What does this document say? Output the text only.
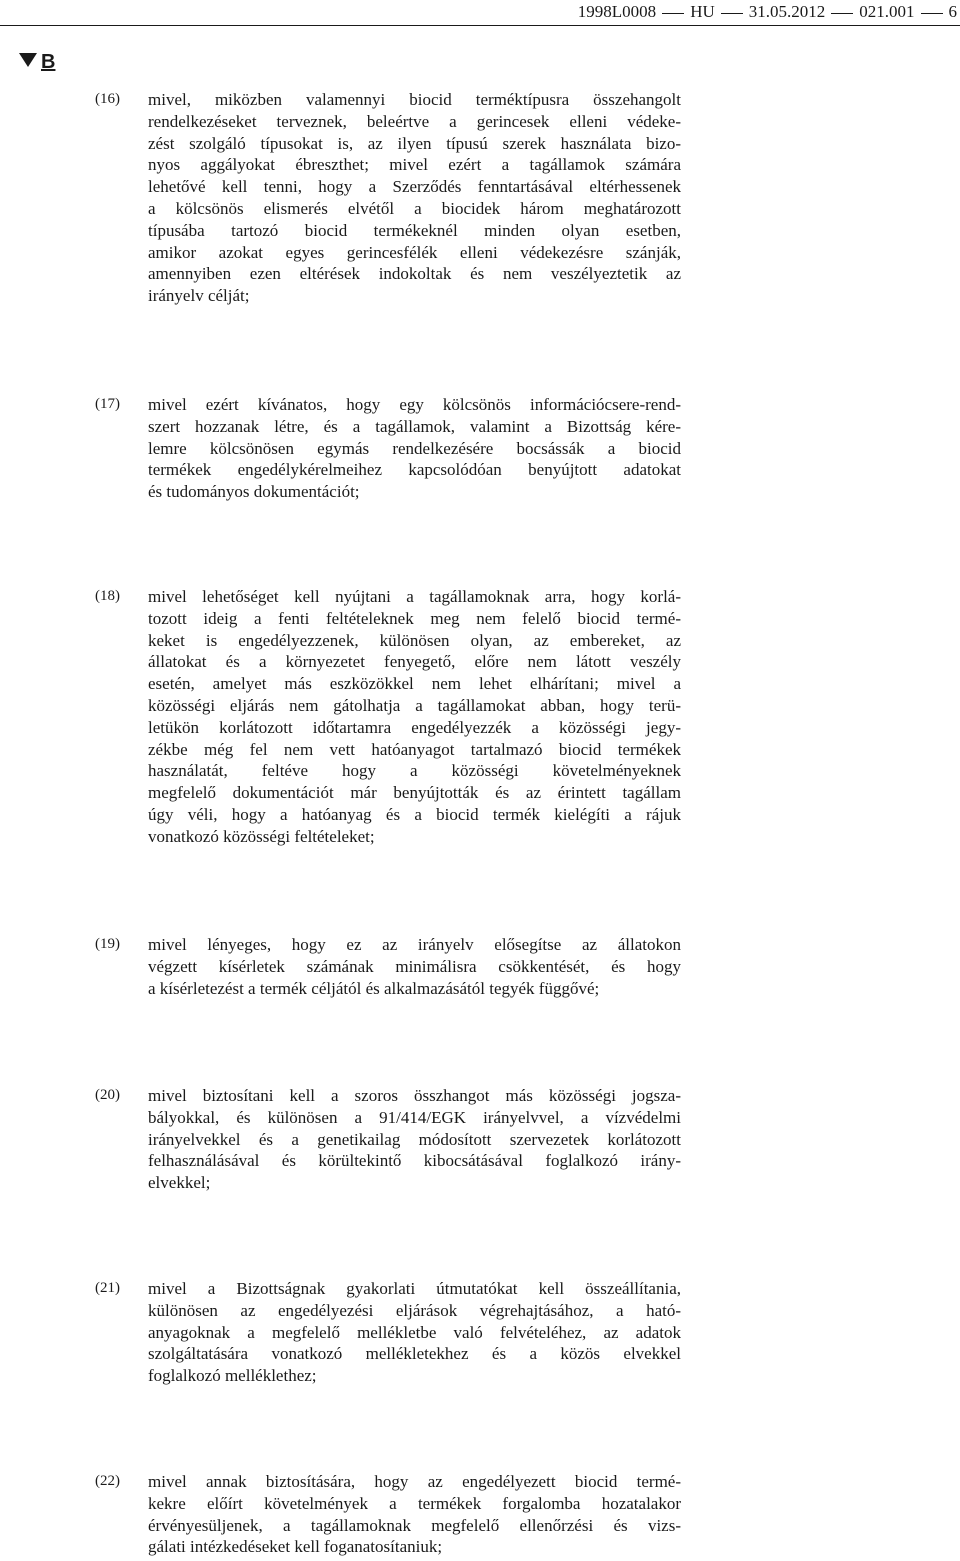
1998L0008 HU 31.05.2012 021.001 6
B
(16) mivel, miközben valamennyi biocid terméktípusra összehangolt

rendelkezéseket terveznek, beleértve a gerincesek elleni védeke-

zést szolgáló típusokat is, az ilyen típusú szerek használata bizo-

nyos aggályokat ébreszthet; mivel ezért a tagállamok számára

lehetővé kell tenni, hogy a Szerződés fenntartásával eltérhessenek

a kölcsönös elismerés elvétől a biocidek három meghatározott

típusába tartozó biocid termékeknél minden olyan esetben,

amikor azokat egyes gerincesfélék elleni védekezésre szánják,

amennyiben ezen eltérések indokoltak és nem veszélyeztetik az

irányelv célját;

(17) mivel ezért kívánatos, hogy egy kölcsönös információcsere-rend-

szert hozzanak létre, és a tagállamok, valamint a Bizottság kére-

lemre kölcsönösen egymás rendelkezésére bocsássák a biocid

termékek engedélykérelmeihez kapcsolódóan benyújtott adatokat

és tudományos dokumentációt;

(18) mivel lehetőséget kell nyújtani a tagállamoknak arra, hogy korlá-

tozott ideig a fenti feltételeknek meg nem felelő biocid termé-

keket is engedélyezzenek, különösen olyan, az embereket, az

állatokat és a környezetet fenyegető, előre nem látott veszély

esetén, amelyet más eszközökkel nem lehet elhárítani; mivel a

közösségi eljárás nem gátolhatja a tagállamokat abban, hogy terü-

letükön korlátozott időtartamra engedélyezzék a közösségi jegy-

zékbe még fel nem vett hatóanyagot tartalmazó biocid termékek

használatát, feltéve hogy a közösségi követelményeknek

megfelelő dokumentációt már benyújtották és az érintett tagállam

úgy véli, hogy a hatóanyag és a biocid termék kielégíti a rájuk

vonatkozó közösségi feltételeket;

(19) mivel lényeges, hogy ez az irányelv elősegítse az állatokon

végzett kísérletek számának minimálisra csökkentését, és hogy

a kísérletezést a termék céljától és alkalmazásától tegyék függővé;

(20) mivel biztosítani kell a szoros összhangot más közösségi jogsza-

bályokkal, és különösen a 91/414/EGK irányelvvel, a vízvédelmi

irányelvekkel és a genetikailag módosított szervezetek korlátozott

felhasználásával és körültekintő kibocsátásával foglalkozó irány-

elvekkel;

(21) mivel a Bizottságnak gyakorlati útmutatókat kell összeállítania,

különösen az engedélyezési eljárások végrehajtásához, a ható-

anyagoknak a megfelelő mellékletbe való felvételéhez, az adatok

szolgáltatására vonatkozó mellékletekhez és a közös elvekkel

foglalkozó melléklethez;

(22) mivel annak biztosítására, hogy az engedélyezett biocid termé-

kekre előírt követelmények a termékek forgalomba hozatalakor

érvényesüljenek, a tagállamoknak megfelelő ellenőrzési és vizs-

gálati intézkedéseket kell foganatosítaniuk;
